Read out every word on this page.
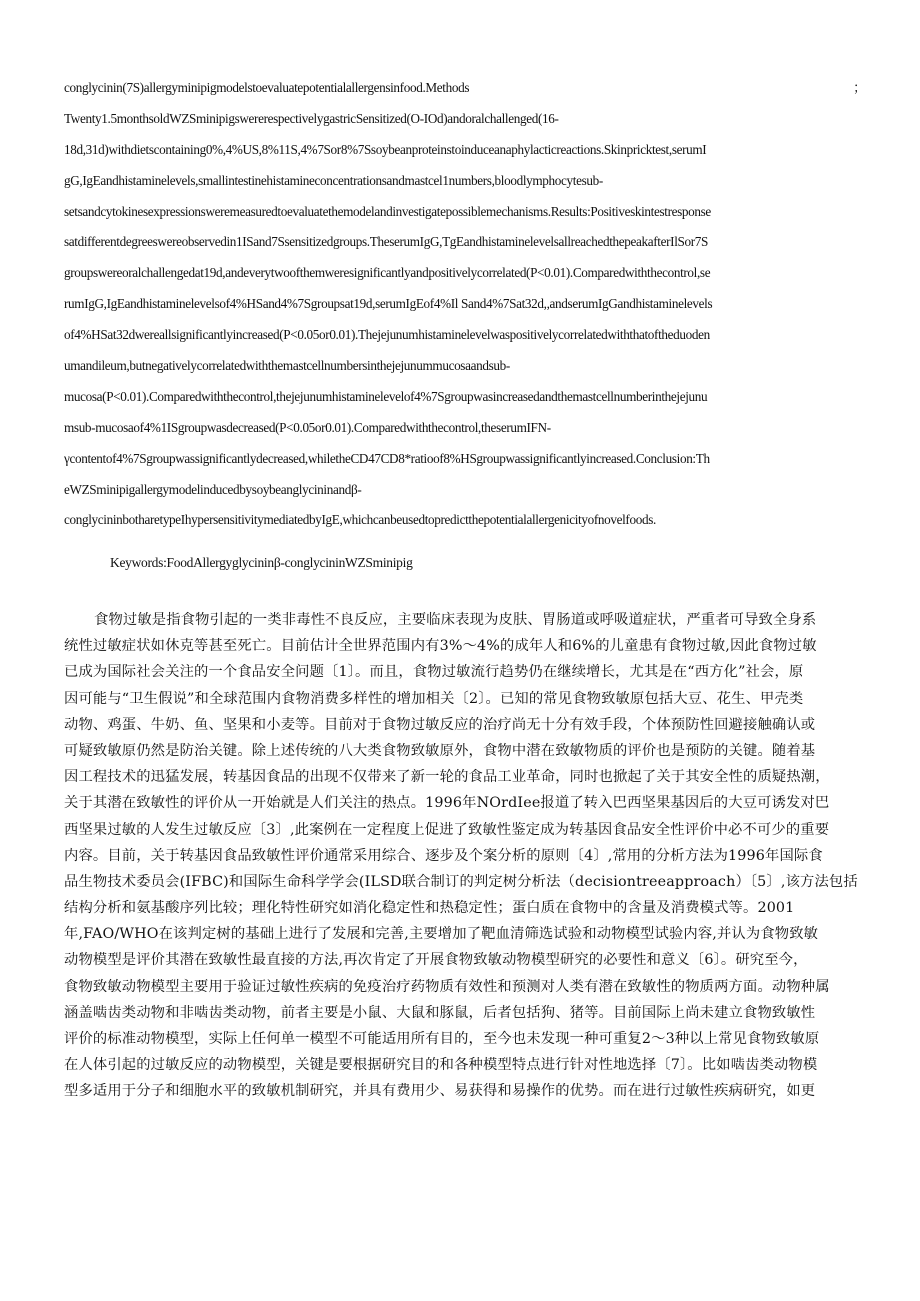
conglycinin(7S)allergyminipigmodelstoevaluatepotentialallergensinfood.Methods	；
Twenty1.5monthsoldWZSminipigswererespectivelygastricSensitized(O-IOd)andoralchallenged(16-
18d,31d)withdietscontaining0%,4%US,8%11S,4%7Sor8%7Ssoybeanproteinstoinduceanaphylacticreactions.Skinpricktest,serumI
gG,IgEandhistaminelevels,smallintestinehistamineconcentrationsandmastcel1numbers,bloodlymphocytesub-
setsandcytokinesexpressionsweremeasuredtoevaluatethemodelandinvestigatepossiblemechanisms.Results:Positiveskintestresponse
satdifferentdegreeswereobservedin1ISand7Ssensitizedgroups.TheserumIgG,TgEandhistaminelevelsallreachedthepeakafterIlSor7S
groupswereoralchallengedat19d,andeverytwoofthemweresignificantlyandpositivelycorrelated(P<0.01).Comparedwiththecontrol,se
rumIgG,IgEandhistaminelevelsof4%HSand4%7Sgroupsat19d,serumIgEof4%Il Sand4%7Sat32d,,andserumIgGandhistaminelevels
of4%HSat32dwereallsignificantlyincreased(P<0.05or0.01).Thejejunumhistaminelevelwaspositivelycorrelatedwiththatoftheduoden
umandileum,butnegativelycorrelatedwiththemastcellnumbersinthejejunummucosaandsub-
mucosa(P<0.01).Comparedwiththecontrol,thejejunumhistaminelevelof4%7Sgroupwasincreasedandthemastcellnumberinthejejunu
msub-mucosaof4%1ISgroupwasdecreased(P<0.05or0.01).Comparedwiththecontrol,theserumIFN-
γcontentof4%7Sgroupwassignificantlydecreased,whiletheCD47CD8*ratioof8%HSgroupwassignificantlyincreased.Conclusion:Th
eWZSminipigallergymodelinducedbysoybeanglycininandβ-
conglycininbotharetypeIhypersensitivitymediatedbyIgE,whichcanbeusedtopredictthepotentialallergenicityofnovelfoods.
Keywords:FoodAllergyglycininβ-conglycininWZSminipig
食物过敏是指食物引起的一类非毒性不良反应，主要临床表现为皮肤、胃肠道或呼吸道症状，严重者可导致全身系
统性过敏症状如休克等甚至死亡。目前估计全世界范围内有3%～4%的成年人和6%的儿童患有食物过敏,因此食物过敏
已成为国际社会关注的一个食品安全问题〔1〕。而且，食物过敏流行趋势仍在继续增长，尤其是在“西方化”社会，原
因可能与“卫生假说”和全球范围内食物消费多样性的增加相关〔2〕。已知的常见食物致敏原包括大豆、花生、甲壳类
动物、鸡蛋、牛奶、鱼、坚果和小麦等。目前对于食物过敏反应的治疗尚无十分有效手段，个体预防性回避接触确认或
可疑致敏原仍然是防治关键。除上述传统的八大类食物致敏原外，食物中潜在致敏物质的评价也是预防的关键。随着基
因工程技术的迅猛发展，转基因食品的出现不仅带来了新一轮的食品工业革命，同时也掀起了关于其安全性的质疑热潮，
关于其潜在致敏性的评价从一开始就是人们关注的热点。1996年NOrdIee报道了转入巴西坚果基因后的大豆可诱发对巴
西坚果过敏的人发生过敏反应〔3〕,此案例在一定程度上促进了致敏性鉴定成为转基因食品安全性评价中必不可少的重要
内容。目前，关于转基因食品致敏性评价通常采用综合、逐步及个案分析的原则〔4〕,常用的分析方法为1996年国际食
品生物技术委员会(IFBC)和国际生命科学学会(ILSD联合制订的判定树分析法（decisiontreeapproach）〔5〕,该方法包括
结构分析和氨基酸序列比较；理化特性研究如消化稳定性和热稳定性；蛋白质在食物中的含量及消费模式等。2001
年,FAO/WHO在该判定树的基础上进行了发展和完善,主要增加了靶血清筛选试验和动物模型试验内容,并认为食物致敏
动物模型是评价其潜在致敏性最直接的方法,再次肯定了开展食物致敏动物模型研究的必要性和意义〔6〕。研究至今，
食物致敏动物模型主要用于验证过敏性疾病的免疫治疗药物质有效性和预测对人类有潜在致敏性的物质两方面。动物种属
涵盖啮齿类动物和非啮齿类动物，前者主要是小鼠、大鼠和豚鼠，后者包括狗、猪等。目前国际上尚未建立食物致敏性
评价的标准动物模型，实际上任何单一模型不可能适用所有目的，至今也未发现一种可重复2～3种以上常见食物致敏原
在人体引起的过敏反应的动物模型，关键是要根据研究目的和各种模型特点进行针对性地选择〔7〕。比如啮齿类动物模
型多适用于分子和细胞水平的致敏机制研究，并具有费用少、易获得和易操作的优势。而在进行过敏性疾病研究，如更
